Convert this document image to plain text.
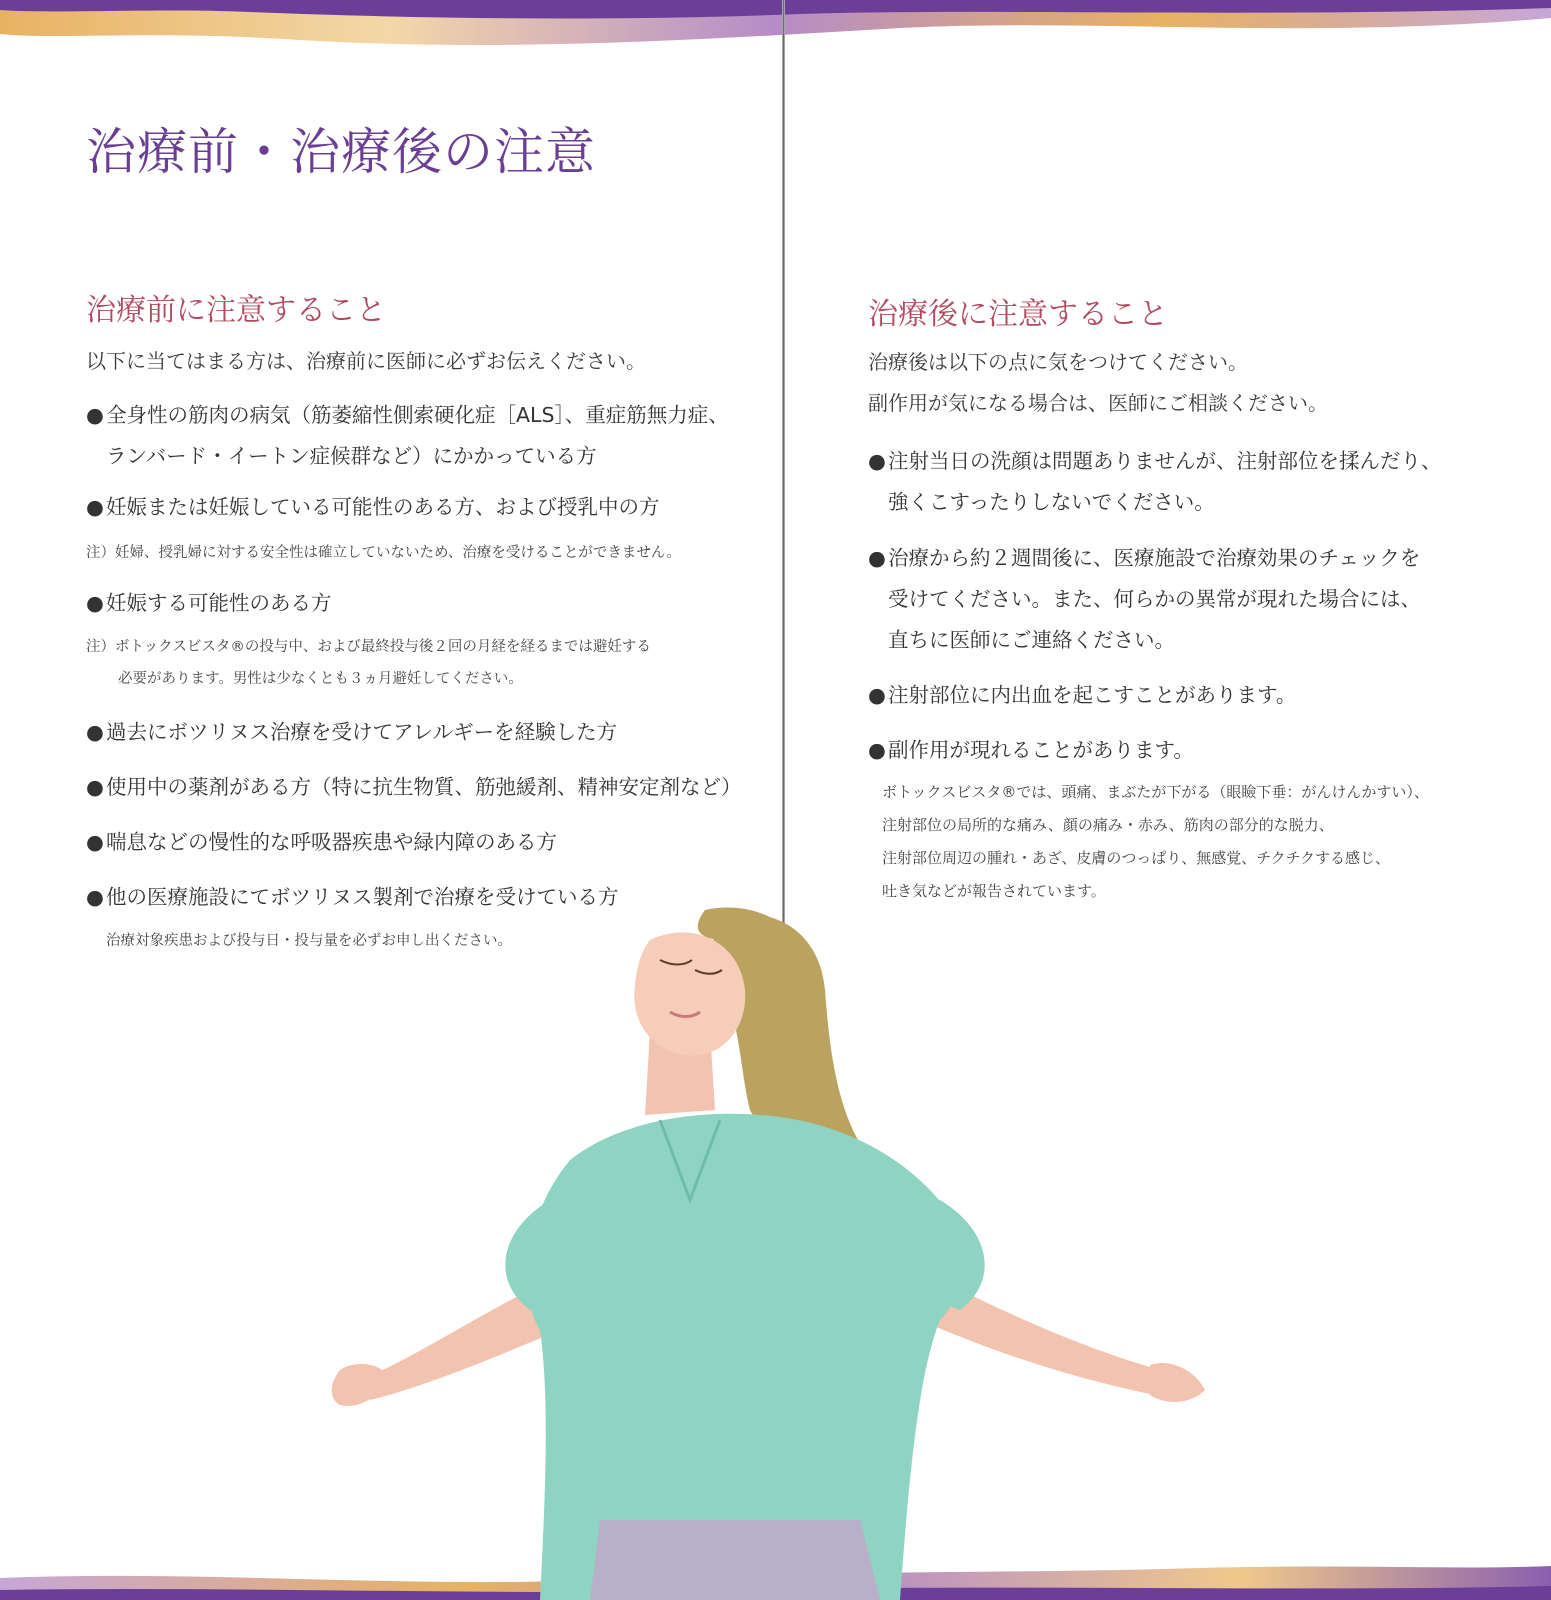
治療前・治療後の注意
治療前に注意すること
以下に当てはまる方は、治療前に医師に必ずお伝えください。
● 全身性の筋肉の病気（筋萎縮性側索硬化症［ALS］、重症筋無力症、
ランバード・イートン症候群など）にかかっている方
● 妊娠または妊娠している可能性のある方、および授乳中の方
注）妊婦、授乳婦に対する安全性は確立していないため、治療を受けることができません。
● 妊娠する可能性のある方
注）ボトックスビスタ®の投与中、および最終投与後２回の月経を経るまでは避妊する
必要があります。男性は少なくとも３ヵ月避妊してください。
● 過去にボツリヌス治療を受けてアレルギーを経験した方
● 使用中の薬剤がある方（特に抗生物質、筋弛緩剤、精神安定剤など）
● 喘息などの慢性的な呼吸器疾患や緑内障のある方
● 他の医療施設にてボツリヌス製剤で治療を受けている方
治療対象疾患および投与日・投与量を必ずお申し出ください。
治療後に注意すること
治療後は以下の点に気をつけてください。
副作用が気になる場合は、医師にご相談ください。
● 注射当日の洗顔は問題ありませんが、注射部位を揉んだり、
強くこすったりしないでください。
● 治療から約２週間後に、医療施設で治療効果のチェックを
受けてください。また、何らかの異常が現れた場合には、
直ちに医師にご連絡ください。
● 注射部位に内出血を起こすことがあります。
● 副作用が現れることがあります。
ボトックスビスタ®では、頭痛、まぶたが下がる（眼瞼下垂：がんけんかすい）、
注射部位の局所的な痛み、顔の痛み・赤み、筋肉の部分的な脱力、
注射部位周辺の腫れ・あざ、皮膚のつっぱり、無感覚、チクチクする感じ、
吐き気などが報告されています。
